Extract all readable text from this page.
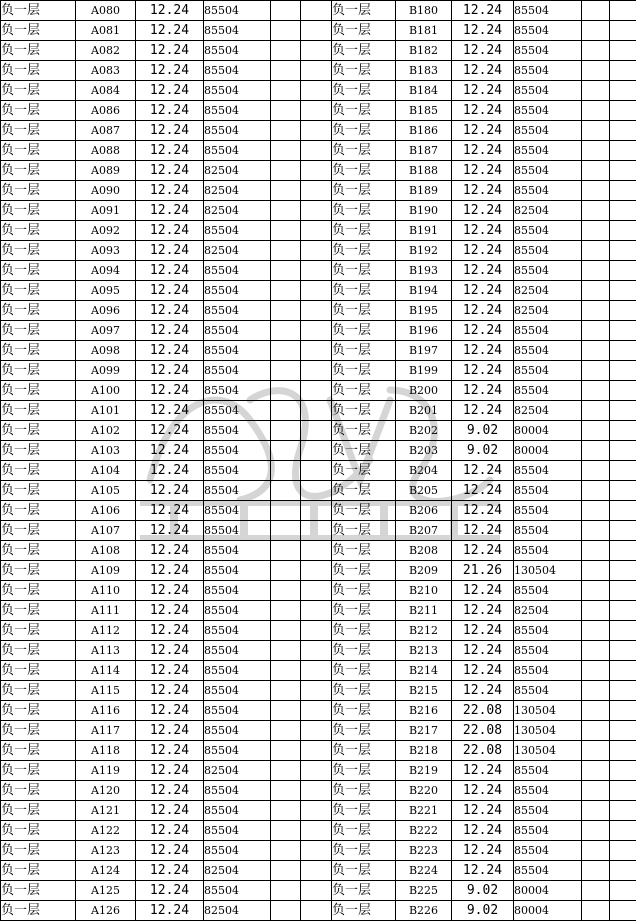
负一层	A080	12.24	85504			负一层	B180	12.24	85504		
负一层	A081	12.24	85504			负一层	B181	12.24	85504		
负一层	A082	12.24	85504			负一层	B182	12.24	85504		
负一层	A083	12.24	85504			负一层	B183	12.24	85504		
负一层	A084	12.24	85504			负一层	B184	12.24	85504		
负一层	A086	12.24	85504			负一层	B185	12.24	85504		
负一层	A087	12.24	85504			负一层	B186	12.24	85504		
负一层	A088	12.24	85504			负一层	B187	12.24	85504		
负一层	A089	12.24	82504			负一层	B188	12.24	85504		
负一层	A090	12.24	82504			负一层	B189	12.24	85504		
负一层	A091	12.24	82504			负一层	B190	12.24	82504		
负一层	A092	12.24	85504			负一层	B191	12.24	85504		
负一层	A093	12.24	82504			负一层	B192	12.24	85504		
负一层	A094	12.24	85504			负一层	B193	12.24	85504		
负一层	A095	12.24	85504			负一层	B194	12.24	82504		
负一层	A096	12.24	85504			负一层	B195	12.24	82504		
负一层	A097	12.24	85504			负一层	B196	12.24	85504		
负一层	A098	12.24	85504			负一层	B197	12.24	85504		
负一层	A099	12.24	85504			负一层	B199	12.24	85504		
负一层	A100	12.24	85504			负一层	B200	12.24	85504		
负一层	A101	12.24	85504			负一层	B201	12.24	82504		
负一层	A102	12.24	85504			负一层	B202	9.02	80004		
负一层	A103	12.24	85504			负一层	B203	9.02	80004		
负一层	A104	12.24	85504			负一层	B204	12.24	85504		
负一层	A105	12.24	85504			负一层	B205	12.24	85504		
负一层	A106	12.24	85504			负一层	B206	12.24	85504		
负一层	A107	12.24	85504			负一层	B207	12.24	85504		
负一层	A108	12.24	85504			负一层	B208	12.24	85504		
负一层	A109	12.24	85504			负一层	B209	21.26	130504		
负一层	A110	12.24	85504			负一层	B210	12.24	85504		
负一层	A111	12.24	85504			负一层	B211	12.24	82504		
负一层	A112	12.24	85504			负一层	B212	12.24	85504		
负一层	A113	12.24	85504			负一层	B213	12.24	85504		
负一层	A114	12.24	85504			负一层	B214	12.24	85504		
负一层	A115	12.24	85504			负一层	B215	12.24	85504		
负一层	A116	12.24	85504			负一层	B216	22.08	130504		
负一层	A117	12.24	85504			负一层	B217	22.08	130504		
负一层	A118	12.24	85504			负一层	B218	22.08	130504		
负一层	A119	12.24	82504			负一层	B219	12.24	85504		
负一层	A120	12.24	85504			负一层	B220	12.24	85504		
负一层	A121	12.24	85504			负一层	B221	12.24	85504		
负一层	A122	12.24	85504			负一层	B222	12.24	85504		
负一层	A123	12.24	85504			负一层	B223	12.24	85504		
负一层	A124	12.24	82504			负一层	B224	12.24	85504		
负一层	A125	12.24	85504			负一层	B225	9.02	80004		
负一层	A126	12.24	82504			负一层	B226	9.02	80004		
